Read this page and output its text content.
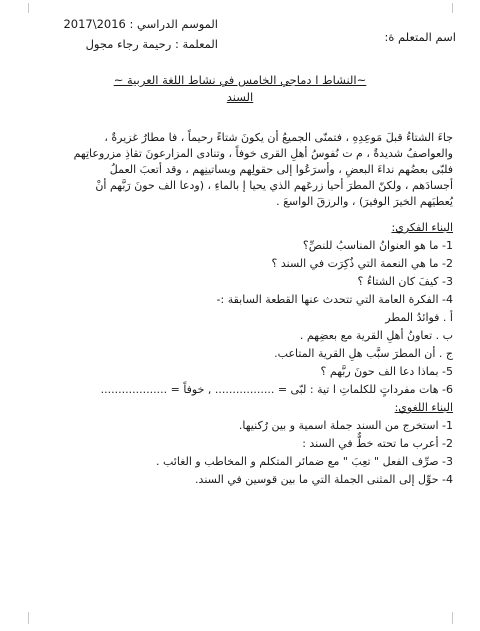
اسم المتعلم ة:
الموسم الدراسي : 2016\2017
المعلمة : رحيمة رجاء مجول
~النشاط ا دماجي الخامس في نشاط اللغة العربية ~
السند
جاءَ الشتاءُ قبلَ مَوعِدِهِ ، فتمنّى الجميعُ أن يكونَ شتاءً رحيماً ، فا مطارُ غزيرةٌ ،
والعواصفُ شديدةٌ ، م ت نُفوسُ أهلِ القرى خوفاً ، وتنادى المزارعونَ تقاذِ مزروعاتِهم
فلبّى بعضُهم نداءَ البعضِ ، وأسرَعُوا إلى حقولِهم وبساتينِهم ، وقد أتعبَ العملُ
أجسادَهم ، ولكنّ المطرَ أحيا زرعَهم الذي يحيا إ بالماءِ ، (ودعا الف حونَ رَبَّهم أنْ
يُعطيَهم الخيرَ الوفيرَ) ، والرزقَ الواسعَ .
البناء الفكري:
1- ما هو العنوانُ المناسبُ للنصِّ؟
2- ما هي النعمة التي ذُكِرَت في السند ؟
3- كيفَ كان الشتاءُ ؟
4- الفكرة العامة التي تتحدث عنها القطعة السابقة :-
أ . فوائدُ المطر
ب . تعاونُ أهلِ القرية مع بعضِهم .
ج . أن المطرَ سبَّب هلِ القرية المتاعب.
5- بماذا دعا الف حونَ ربَّهم ؟
6- هات مفرداتٍ للكلماتِ ا تية : لبّى = ................. , خوفاً = ...................
البناء اللغوي:
1- استخرج من السند جملة اسمية و بين رُكنيها.
2- أعرب ما تحته خطٌّ في السند :
3- صرِّف الفعل " تعِبَ " مع ضمائر المتكلم و المخاطب و الغائب .
4- حوِّل إلى المثنى الجملة التي ما بين قوسين في السند.
